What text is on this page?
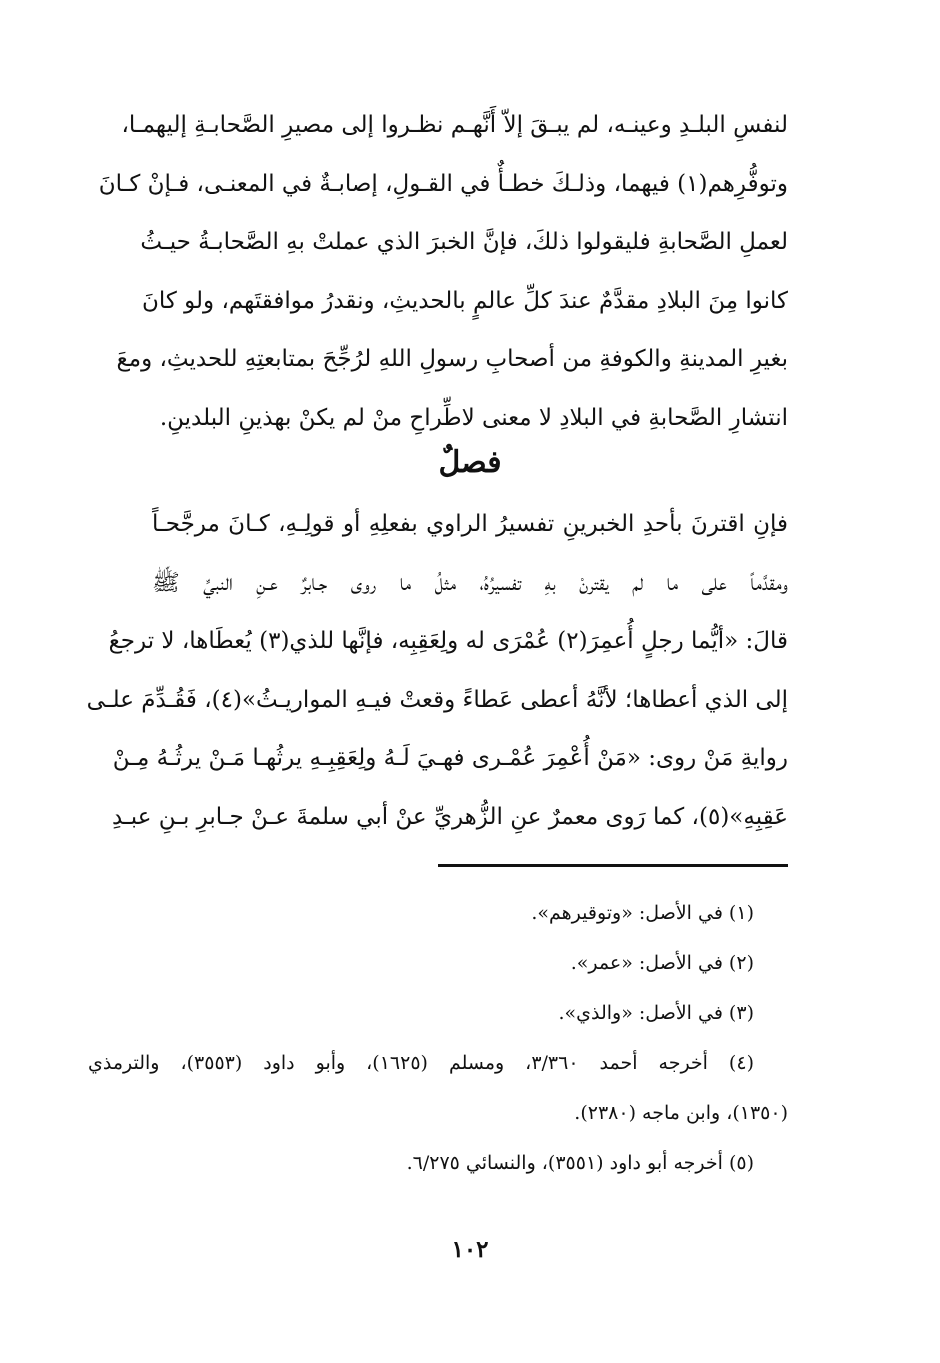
لنفسِ البلـدِ وعينـه، لم يبـقَ إلاّ أَنَّهـم نظـروا إلى مصيرِ الصَّحابـةِ إليهمـا،
وتوفُّرِهم(١) فيهما، وذلـكَ خطـأٌ في القـولِ، إصابـةٌ في المعنـى، فـإنْ كـانَ
لعملِ الصَّحابةِ فليقولوا ذلكَ، فإنَّ الخبرَ الذي عملتْ بهِ الصَّحابـةُ حيـثُ
كانوا مِنَ البلادِ مقدَّمٌ عندَ كلِّ عالمٍ بالحديثِ، ونقدرُ موافقتَهم، ولو كانَ
بغيرِ المدينةِ والكوفةِ من أصحابِ رسولِ اللهِ لرُجِّحَ بمتابعتِهِ للحديثِ، ومعَ
انتشارِ الصَّحابةِ في البلادِ لا معنى لاطِّراحِ منْ لم يكنْ بهذينِ البلدينِ.
فصلٌ
فإنِ اقترنَ بأحدِ الخبرينِ تفسيرُ الراوي بفعلِهِ أو قولِـهِ، كـانَ مرجَّحـاً
ومقدَّماً على ما لم يقترنْ بهِ تفسيرُهُ، مثلُ ما روى جـابرٌ عـنِ النبيِّ ﷺ
قالَ: «أيُّما رجلٍ أُعمِرَ(٢) عُمْرَى له ولِعَقِبِه، فإنَّها للذي(٣) يُعطَاها، لا ترجعُ
إلى الذي أعطاها؛ لأنَّهُ أعطى عَطاءً وقعتْ فيـهِ المواريـثُ»(٤)، فَقُـدِّمَ علـى
روايةِ مَنْ روى: «مَنْ أُعْمِرَ عُمْـرى فهـيَ لَـهُ ولِعَقِبِـهِ يرثُهـا مَـنْ يرثُـهُ مِـنْ
عَقِبِهِ»(٥)، كما رَوى معمرٌ عنِ الزُّهريِّ عنْ أبي سلمةَ عـنْ جـابرِ بـنِ عبـدِ
(١) في الأصل: «وتوقيرهم».
(٢) في الأصل: «عمر».
(٣) في الأصل: «والذي».
(٤) أخرجه أحمد ٣/٣٦٠، ومسلم (١٦٢٥)، وأبو داود (٣٥٥٣)، والترمذي
(١٣٥٠)، وابن ماجه (٢٣٨٠).
(٥) أخرجه أبو داود (٣٥٥١)، والنسائي ٦/٢٧٥.
١٠٢
